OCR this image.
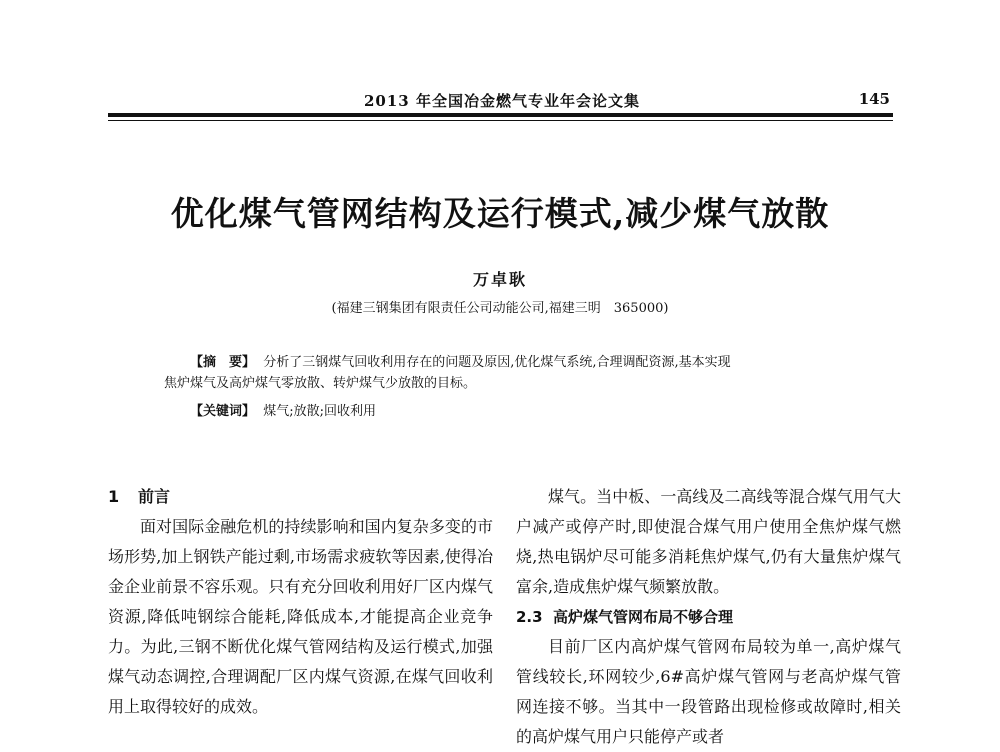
2013 年全国冶金燃气专业年会论文集	145
优化煤气管网结构及运行模式,减少煤气放散
万卓耿
(福建三钢集团有限责任公司动能公司,福建三明　365000)

【摘　要】 分析了三钢煤气回收利用存在的问题及原因,优化煤气系统,合理调配资源,基本实现

焦炉煤气及高炉煤气零放散、转炉煤气少放散的目标。

【关键词】 煤气;放散;回收利用
1 前言

面对国际金融危机的持续影响和国内复杂多变的市场形势,加上钢铁产能过剩,市场需求疲软等因素,使得冶金企业前景不容乐观。只有充分回收利用好厂区内煤气资源,降低吨钢综合能耗,降低成本,才能提高企业竞争力。为此,三钢不断优化煤气管网结构及运行模式,加强煤气动态调控,合理调配厂区内煤气资源,在煤气回收利用上取得较好的成效。

煤气。当中板、一高线及二高线等混合煤气用气大户减产或停产时,即使混合煤气用户使用全焦炉煤气燃烧,热电锅炉尽可能多消耗焦炉煤气,仍有大量焦炉煤气富余,造成焦炉煤气频繁放散。

2.3 高炉煤气管网布局不够合理

目前厂区内高炉煤气管网布局较为单一,高炉煤气管线较长,环网较少,6#高炉煤气管网与老高炉煤气管网连接不够。当其中一段管路出现检修或故障时,相关的高炉煤气用户只能停产或者
